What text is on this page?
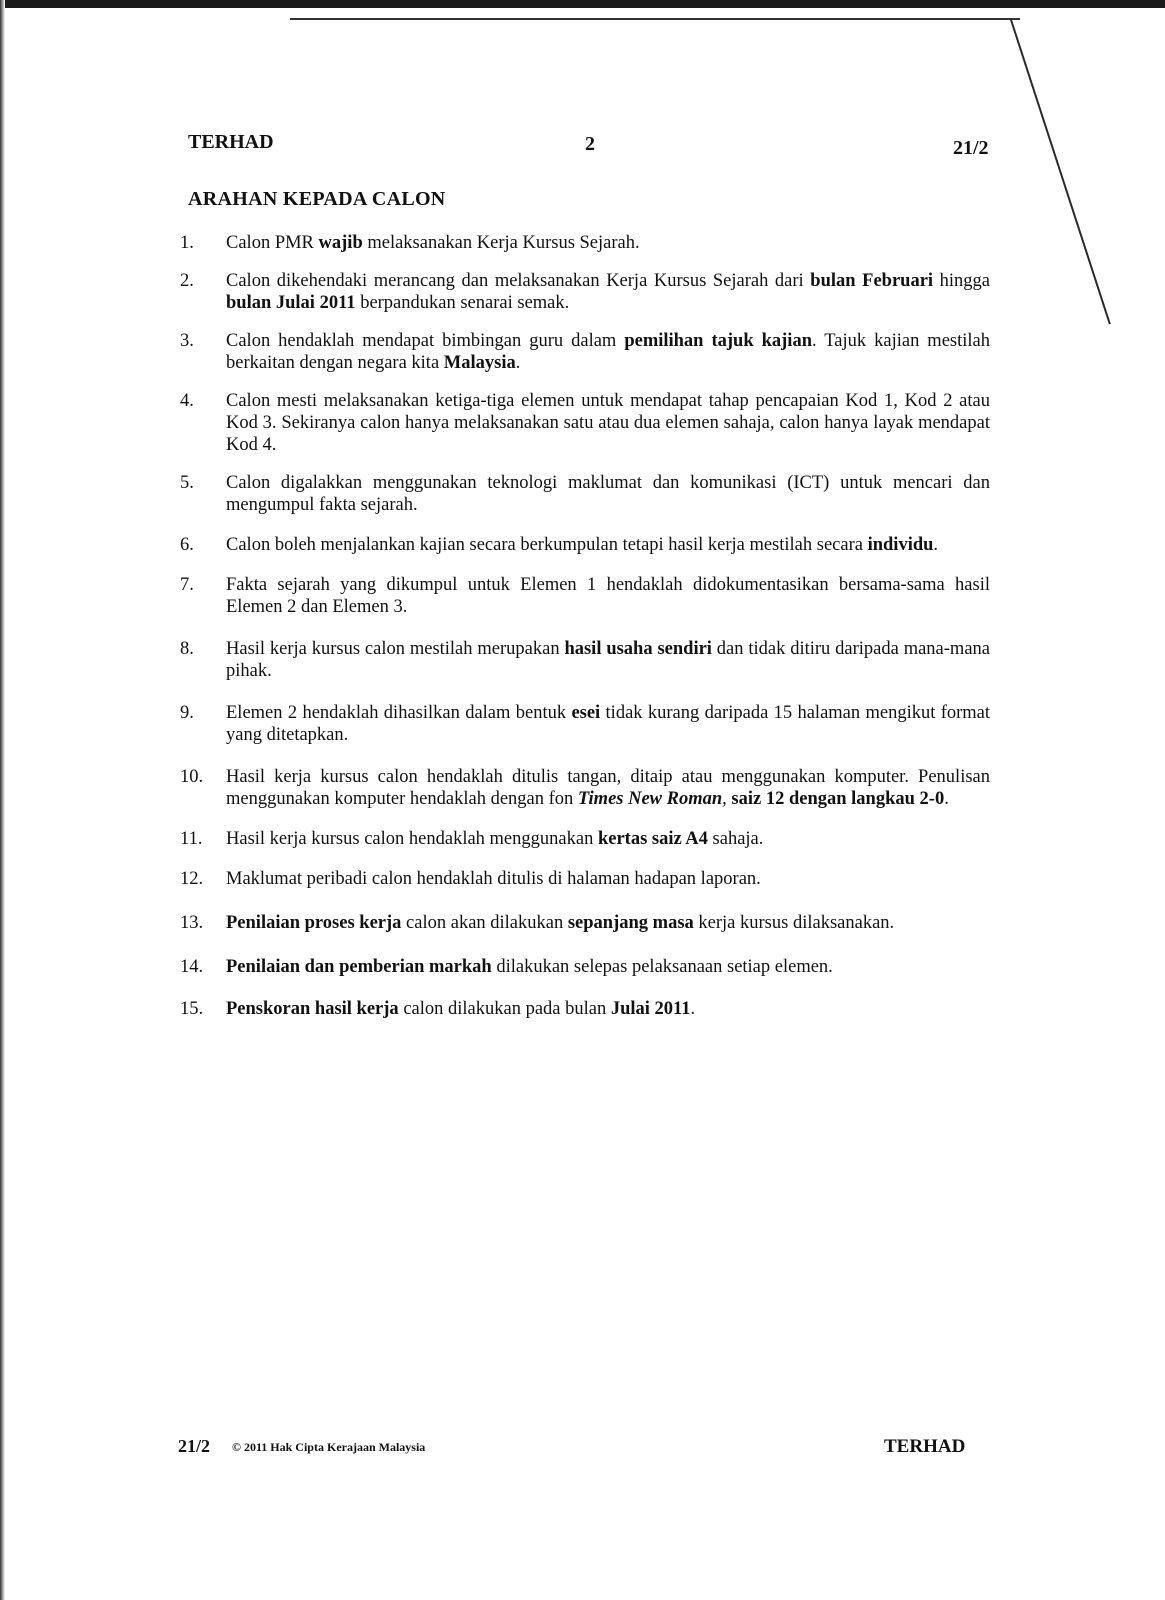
TERHAD	2	21/2
ARAHAN KEPADA CALON
1.	Calon PMR wajib melaksanakan Kerja Kursus Sejarah.
2.	Calon dikehendaki merancang dan melaksanakan Kerja Kursus Sejarah dari bulan Februari hingga bulan Julai 2011 berpandukan senarai semak.
3.	Calon hendaklah mendapat bimbingan guru dalam pemilihan tajuk kajian. Tajuk kajian mestilah berkaitan dengan negara kita Malaysia.
4.	Calon mesti melaksanakan ketiga-tiga elemen untuk mendapat tahap pencapaian Kod 1, Kod 2 atau Kod 3. Sekiranya calon hanya melaksanakan satu atau dua elemen sahaja, calon hanya layak mendapat Kod 4.
5.	Calon digalakkan menggunakan teknologi maklumat dan komunikasi (ICT) untuk mencari dan mengumpul fakta sejarah.
6.	Calon boleh menjalankan kajian secara berkumpulan tetapi hasil kerja mestilah secara individu.
7.	Fakta sejarah yang dikumpul untuk Elemen 1 hendaklah didokumentasikan bersama-sama hasil Elemen 2 dan Elemen 3.
8.	Hasil kerja kursus calon mestilah merupakan hasil usaha sendiri dan tidak ditiru daripada mana-mana pihak.
9.	Elemen 2 hendaklah dihasilkan dalam bentuk esei tidak kurang daripada 15 halaman mengikut format yang ditetapkan.
10.	Hasil kerja kursus calon hendaklah ditulis tangan, ditaip atau menggunakan komputer. Penulisan menggunakan komputer hendaklah dengan fon Times New Roman, saiz 12 dengan langkau 2-0.
11.	Hasil kerja kursus calon hendaklah menggunakan kertas saiz A4 sahaja.
12.	Maklumat peribadi calon hendaklah ditulis di halaman hadapan laporan.
13.	Penilaian proses kerja calon akan dilakukan sepanjang masa kerja kursus dilaksanakan.
14.	Penilaian dan pemberian markah dilakukan selepas pelaksanaan setiap elemen.
15.	Penskoran hasil kerja calon dilakukan pada bulan Julai 2011.
21/2 © 2011 Hak Cipta Kerajaan Malaysia	TERHAD
